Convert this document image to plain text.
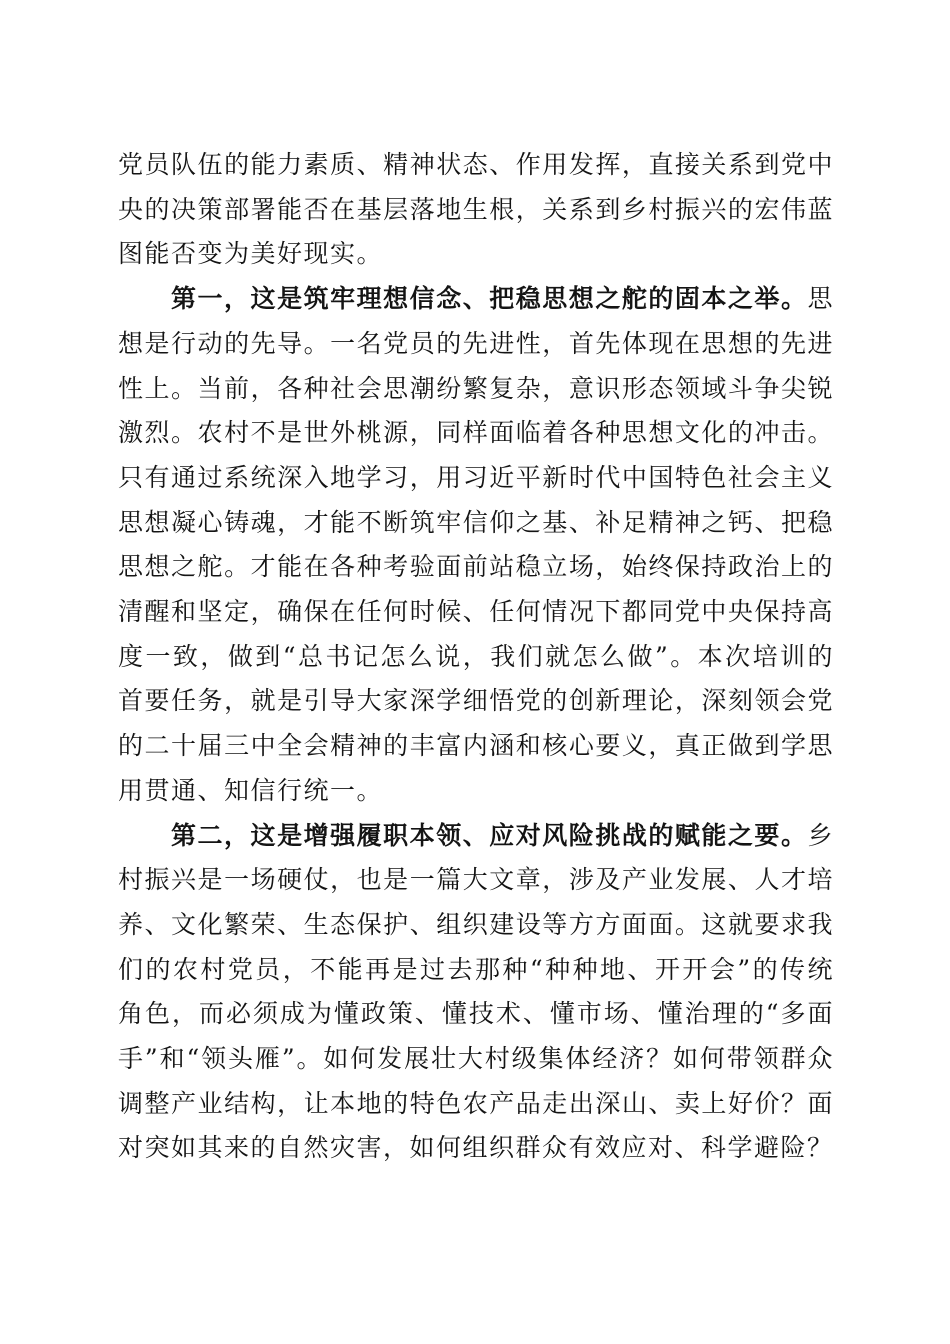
党员队伍的能力素质、精神状态、作用发挥，直接关系到党中央的决策部署能否在基层落地生根，关系到乡村振兴的宏伟蓝图能否变为美好现实。

第一，这是筑牢理想信念、把稳思想之舵的固本之举。思想是行动的先导。一名党员的先进性，首先体现在思想的先进性上。当前，各种社会思潮纷繁复杂，意识形态领域斗争尖锐激烈。农村不是世外桃源，同样面临着各种思想文化的冲击。只有通过系统深入地学习，用习近平新时代中国特色社会主义思想凝心铸魂，才能不断筑牢信仰之基、补足精神之钙、把稳思想之舵。才能在各种考验面前站稳立场，始终保持政治上的清醒和坚定，确保在任何时候、任何情况下都同党中央保持高度一致，做到“总书记怎么说，我们就怎么做”。本次培训的首要任务，就是引导大家深学细悟党的创新理论，深刻领会党的二十届三中全会精神的丰富内涵和核心要义，真正做到学思用贯通、知信行统一。

第二，这是增强履职本领、应对风险挑战的赋能之要。乡村振兴是一场硬仗，也是一篇大文章，涉及产业发展、人才培养、文化繁荣、生态保护、组织建设等方方面面。这就要求我们的农村党员，不能再是过去那种“种种地、开开会”的传统角色，而必须成为懂政策、懂技术、懂市场、懂治理的“多面手”和“领头雁”。如何发展壮大村级集体经济？如何带领群众调整产业结构，让本地的特色农产品走出深山、卖上好价？面对突如其来的自然灾害，如何组织群众有效应对、科学避险？
